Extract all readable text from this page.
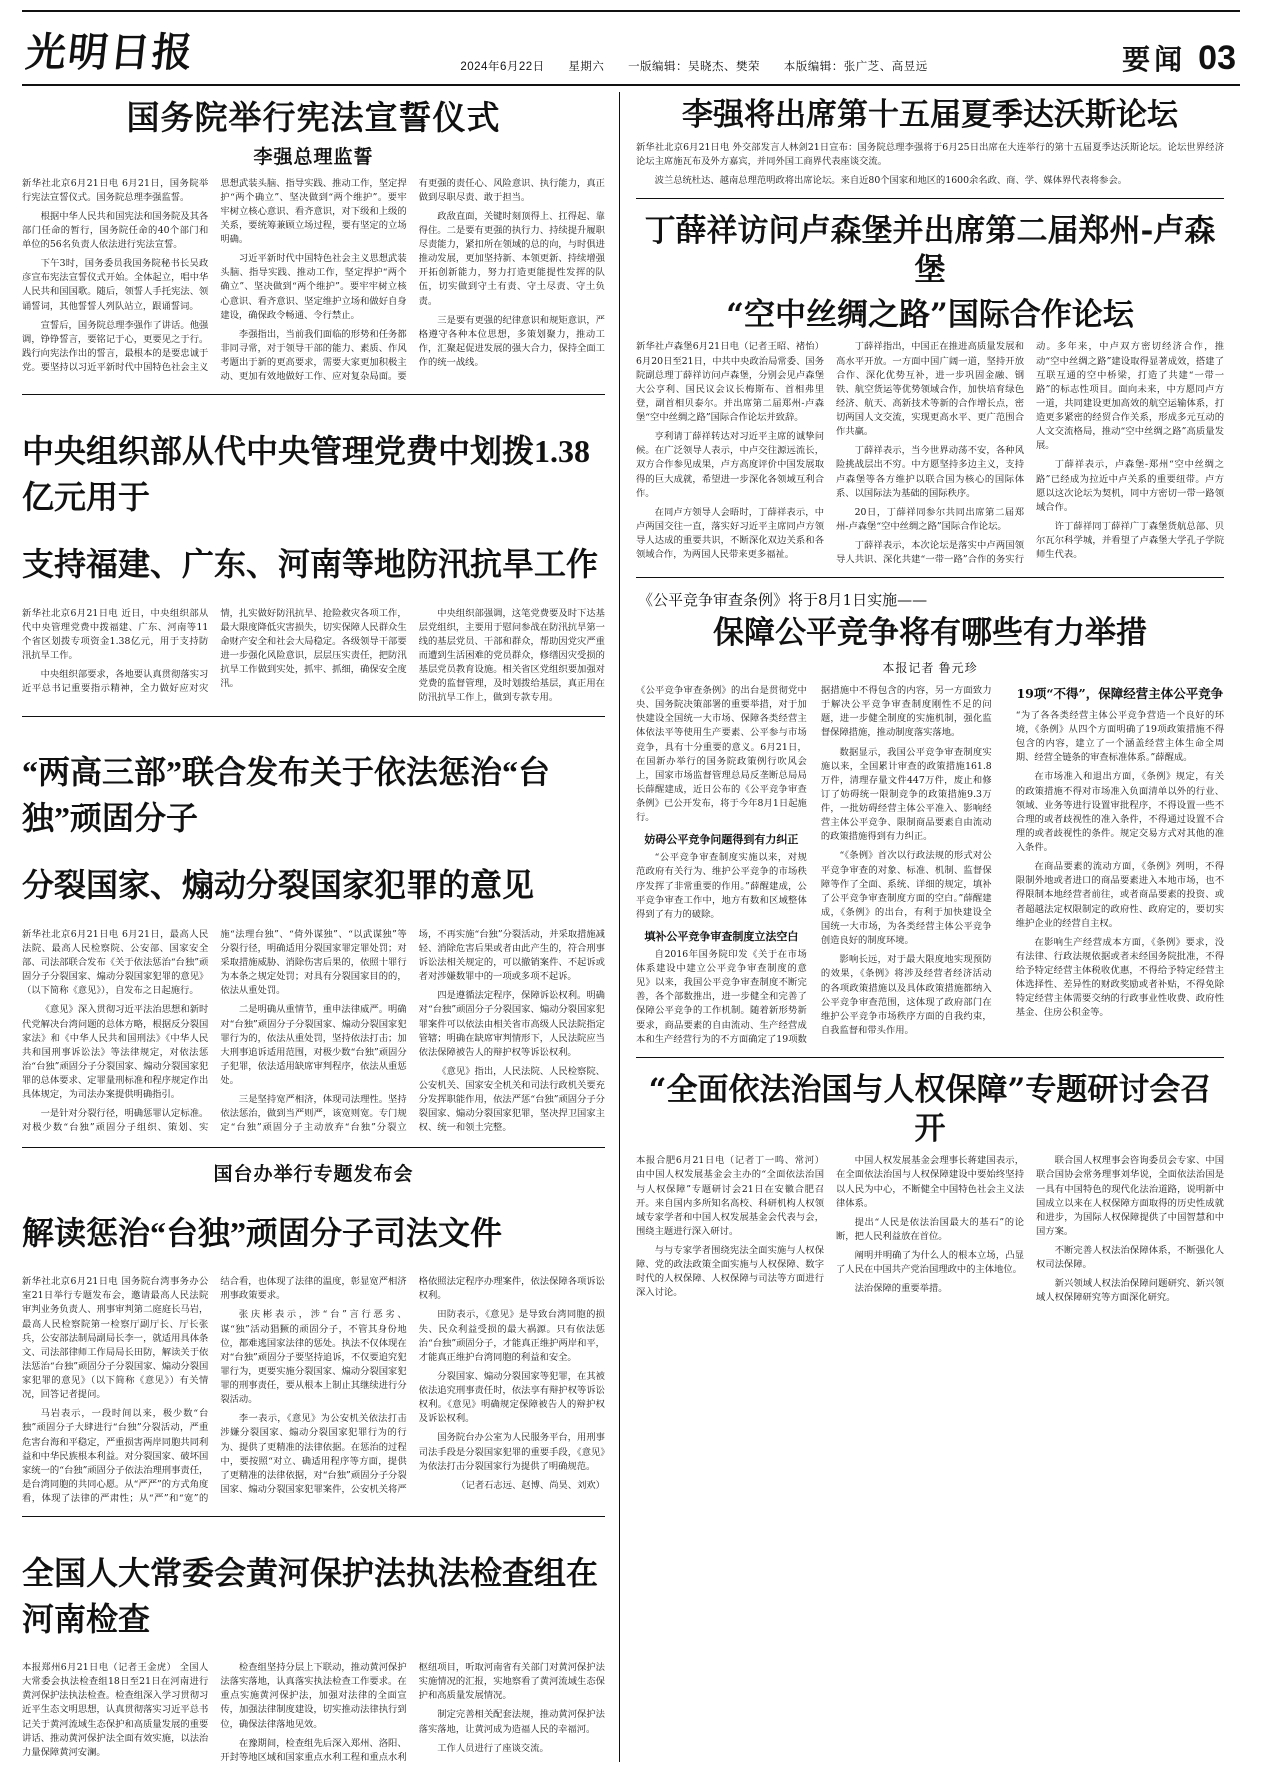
光明日报	2024年6月22日 星期六 一版编辑：吴晓杰、樊荣 本版编辑：张广芝、高昱远	要闻 03
国务院举行宪法宣誓仪式
李强总理监誓

新华社北京6月21日电 6月21日，国务院举行宪法宣誓仪式。国务院总理李强监誓。

根据中华人民共和国宪法和国务院及其各部门任命的暂行，国务院任命的40个部门和单位的56名负责人依法进行宪法宣誓。

下午3时，国务委员我国务院秘书长吴政彦宣布宪法宣誓仪式开始。全体起立，唱中华人民共和国国歌。随后，领誓人手托宪法、领诵誓词，其他誓誓人列队站立，跟诵誓词。

宣誓后，国务院总理李强作了讲话。他强调，铮铮誓言，要铭记于心，更要见之于行。践行向宪法作出的誓言，最根本的是要忠诚于党。要坚持以习近平新时代中国特色社会主义思想武装头脑、指导实践、推动工作，坚定捍护“两个确立”、坚决做到“两个维护”。要牢牢树立核心意识、看齐意识，对下级和上级的关系，要统筹兼顾立场过程，要有坚定的立场明确。

习近平新时代中国特色社会主义思想武装头脑、指导实践、推动工作，坚定捍护“两个确立”、坚决做到“两个维护”。要牢牢树立核心意识、看齐意识、坚定维护立场和做好自身建设，确保政令畅通、令行禁止。

李强指出，当前我们面临的形势和任务都非同寻常，对于领导干部的能力、素质、作风考题出于新的更高要求，需要大家更加积极主动、更加有效地做好工作、应对复杂局面。要有更强的责任心、风险意识、执行能力，真正做到尽职尽责、敢于担当。

政敌直面，关键时刻顶得上、扛得起、靠得住。二是要有更强的执行力、持续提升履职尽责能力，紧扣所在领域的总的向，与时俱进推动发展，更加坚持新、本领更新、持续增强开拓创新能力，努力打造更能提性发挥的队伍，切实做到守土有责、守土尽责、守土负责。

三是要有更强的纪律意识和规矩意识，严格遵守各种本位思想，多策划聚力，推动工作，汇聚起促进发展的强大合力，保持全面工作的统一战线。

中央组织部从代中央管理党费中划拨1.38亿元用于
支持福建、广东、河南等地防汛抗旱工作

新华社北京6月21日电 近日，中央组织部从代中央管理党费中拨福建、广东、河南等11个省区划拨专项资金1.38亿元，用于支持防汛抗旱工作。

中央组织部要求，各地要认真贯彻落实习近平总书记重要指示精神，全力做好应对灾情，扎实做好防汛抗旱、抢险救灾各项工作，最大限度降低灾害损失，切实保障人民群众生命财产安全和社会大局稳定。各级领导干部要进一步强化风险意识，层层压实责任，把防汛抗旱工作做到实处，抓牢、抓细，确保安全度汛。

中央组织部强调，这笔党费要及时下达基层党组织，主要用于慰问参战在防汛抗旱第一线的基层党员、干部和群众，帮助因党灾严重而遭到生活困难的党员群众，修缮因灾受损的基层党员教育设施。相关省区党组织要加强对党费的监督管理，及时划拨给基层，真正用在防汛抗旱工作上，做到专款专用。

“两高三部”联合发布关于依法惩治“台独”顽固分子
分裂国家、煽动分裂国家犯罪的意见

新华社北京6月21日电 6月21日，最高人民法院、最高人民检察院、公安部、国家安全部、司法部联合发布《关于依法惩治“台独”顽固分子分裂国家、煽动分裂国家犯罪的意见》（以下简称《意见》），自发布之日起施行。

《意见》深入贯彻习近平法治思想和新时代党解决台湾问题的总体方略，根据反分裂国家法》和《中华人民共和国刑法》《中华人民共和国刑事诉讼法》等法律规定，对依法惩治“台独”顽固分子分裂国家、煽动分裂国家犯罪的总体要求、定罪量刑标准和程序规定作出具体规定，为司法办案提供明确指引。

一是针对分裂行径，明确惩罪认定标准。对极少数“台独”顽固分子组织、策划、实施“法理台独”、“倚外谋独”、“以武谋独”等分裂行径，明确适用分裂国家罪定罪处罚；对采取措施威胁、消除伤害后果的，依照十罪行为本条之规定处罚；对具有分裂国家目的的，依法从重处罚。

二是明确从重情节，重申法律威严。明确对“台独”顽固分子分裂国家、煽动分裂国家犯罪行为的，依法从重处罚，坚持依法打击；加大刑事追诉适用范围，对极少数“台独”顽固分子犯罪，依法适用缺席审判程序，依法从重惩处。

三是坚持宽严相济，体现司法理性。坚持依法惩治，做到当严则严，该宽则宽。专门规定“台独”顽固分子主动放弃“台独”分裂立场，不再实施“台独”分裂活动，并采取措施减轻、消除危害后果或者由此产生的，符合刑事诉讼法相关规定的，可以撤销案件、不起诉或者对涉嫌数罪中的一项或多项不起诉。

四是遵循法定程序，保障诉讼权利。明确对“台独”顽固分子分裂国家、煽动分裂国家犯罪案件可以依法由相关省市高级人民法院指定管辖；明确在缺席审判情形下，人民法院应当依法保障被告人的辩护权等诉讼权利。

《意见》指出，人民法院、人民检察院、公安机关、国家安全机关和司法行政机关要充分发挥职能作用，依法严惩“台独”顽固分子分裂国家、煽动分裂国家犯罪，坚决捍卫国家主权、统一和领土完整。

国台办举行专题发布会
解读惩治“台独”顽固分子司法文件

新华社北京6月21日电 国务院台湾事务办公室21日举行专题发布会，邀请最高人民法院审判业务负责人、刑事审判第二庭庭长马岩，最高人民检察院第一检察厅副厅长、厅长张兵，公安部法制局副局长李一，就适用具体条文、司法部律师工作局局长田防，解读关于依法惩治“台独”顽固分子分裂国家、煽动分裂国家犯罪的意见》（以下简称《意见》）有关情况，回答记者提问。

马岩表示，一段时间以来，极少数“台独”顽固分子大肆进行“台独”分裂活动，严重危害台海和平稳定，严重损害两岸同胞共同利益和中华民族根本利益。对分裂国家、破坏国家统一的“台独”顽固分子依法治理刑事责任，是台湾同胞的共同心愿。从“严严”的方式角度看，体现了法律的严肃性；从“严”和“宽”的结合看，也体现了法律的温度，彰显宽严相济刑事政策要求。

张庆彬表示，涉“台”言行恶劣、谋“独”活动猖獗的顽固分子，不管其身份地位，都难逃国家法律的惩处。执法不仅体现在对“台独”顽固分子要坚持追诉，不仅要追究犯罪行为，更要实施分裂国家、煽动分裂国家犯罪的刑事责任，要从根本上制止其继续进行分裂活动。

李一表示，《意见》为公安机关依法打击涉嫌分裂国家、煽动分裂国家犯罪行为的行为、提供了更精准的法律依据。在惩治的过程中，要按照“对立、确适用程序等方面，提供了更精准的法律依据，对“台独”顽固分子分裂国家、煽动分裂国家犯罪案件，公安机关将严格依照法定程序办理案件，依法保障各项诉讼权利。

田防表示，《意见》是导致台湾同胞的损失、民众利益受损的最大祸源。只有依法惩治“台独”顽固分子，才能真正维护两岸和平，才能真正维护台湾同胞的利益和安全。

分裂国家、煽动分裂国家等犯罪，在其被依法追究刑事责任时，依法享有辩护权等诉讼权利。《意见》明确规定保障被告人的辩护权及诉讼权利。

国务院台办公室为人民服务平台，用刑事司法手段是分裂国家犯罪的重要手段，《意见》为依法打击分裂国家行为提供了明确规范。

（记者石志远、赵博、尚昊、刘欢）

全国人大常委会黄河保护法执法检查组在河南检查

本报郑州6月21日电（记者王金虎） 全国人大常委会执法检查组18日至21日在河南进行黄河保护法执法检查。检查组深入学习贯彻习近平生态文明思想，认真贯彻落实习近平总书记关于黄河流域生态保护和高质量发展的重要讲话、推动黄河保护法全面有效实施，以法治力量保障黄河安澜。

检查组坚持分层上下联动，推动黄河保护法落实落地，认真落实执法检查工作要求。在重点实施黄河保护法，加强对法律的全面宣传，加强法律制度建设，切实推动法律执行到位，确保法律落地见效。

在豫期间，检查组先后深入郑州、洛阳、开封等地区域和国家重点水利工程和重点水利枢纽项目，听取河南省有关部门对黄河保护法实施情况的汇报，实地察看了黄河流域生态保护和高质量发展情况。

制定完善相关配套法规，推动黄河保护法落实落地，让黄河成为造福人民的幸福河。

工作人员进行了座谈交流。

李强将出席第十五届夏季达沃斯论坛

新华社北京6月21日电 外交部发言人林剑21日宣布：国务院总理李强将于6月25日出席在大连举行的第十五届夏季达沃斯论坛。论坛世界经济论坛主席施瓦布及外方嘉宾，并同外国工商界代表座谈交流。

波兰总统杜达、越南总理范明政将出席论坛。来自近80个国家和地区的1600余名政、商、学、媒体界代表将参会。

丁薛祥访问卢森堡并出席第二届郑州-卢森堡
“空中丝绸之路”国际合作论坛

新华社卢森堡6月21日电（记者王昭、褚怡）6月20日至21日，中共中央政治局常委、国务院副总理丁薛祥访问卢森堡，分别会见卢森堡大公亨利、国民议会议长梅斯布、首相弗里登，副首相贝泰尔。并出席第二届郑州-卢森堡“空中丝绸之路”国际合作论坛并致辞。

亨利请丁薛祥转达对习近平主席的诚挚问候。在广泛领导人表示，中卢交往源远流长，双方合作参见成果，卢方高度评价中国发展取得的巨大成就，希望进一步深化各领域互利合作。

在同卢方领导人会晤时，丁薛祥表示，中卢两国交往一直，落实好习近平主席同卢方领导人达成的重要共识，不断深化双边关系和各领域合作，为两国人民带来更多福祉。

丁薛祥指出，中国正在推进高质量发展和高水平开放。一方面中国广阔一道，坚持开放合作、深化优势互补，进一步巩固金融、钢铁、航空货运等优势领域合作，加快培育绿色经济、航天、高新技术等新的合作增长点，密切两国人文交流，实现更高水平、更广范围合作共赢。

丁薛祥表示，当今世界动荡不安，各种风险挑战层出不穷。中方愿坚持多边主义，支持卢森堡等各方维护以联合国为核心的国际体系、以国际法为基础的国际秩序。

20日，丁薛祥同参尔共同出席第二届郑州-卢森堡“空中丝绸之路”国际合作论坛。

丁薛祥表示，本次论坛是落实中卢两国领导人共识、深化共建“一带一路”合作的务实行动。多年来，中卢双方密切经济合作，推动“空中丝绸之路”建设取得显著成效，搭建了互联互通的空中桥梁，打造了共建“一带一路”的标志性项目。面向未来，中方愿同卢方一道，共同建设更加高效的航空运输体系，打造更多紧密的经贸合作关系，形成多元互动的人文交流格局，推动“空中丝绸之路”高质量发展。

丁薛祥表示，卢森堡-郑州“空中丝绸之路”已经成为拉近中卢关系的重要纽带。卢方愿以这次论坛为契机，同中方密切一带一路领域合作。

许丁薛祥同丁薛祥广丁森堡货航总部、贝尔瓦尔科学城，并看望了卢森堡大学孔子学院师生代表。

《公平竞争审查条例》将于8月1日实施——
保障公平竞争将有哪些有力举措
本报记者 鲁元珍

《公平竞争审查条例》的出台是贯彻党中央、国务院决策部署的重要举措，对于加快建设全国统一大市场、保障各类经营主体依法平等使用生产要素、公平参与市场竞争，具有十分重要的意义。6月21日，在国新办举行的国务院政策例行吹风会上，国家市场监督管理总局反垄断总局局长薛醒建成，近日公布的《公平竞争审查条例》已公开发布，将于今年8月1日起施行。

妨碍公平竞争问题得到有力纠正

“公平竞争审查制度实施以来，对规范政府有关行为、维护公平竞争的市场秩序发挥了非常重要的作用。”薛醒建成，公平竞争审查工作中，地方有数和区域整体得到了有力的破除。

填补公平竞争审查制度立法空白

自2016年国务院印发《关于在市场体系建设中建立公平竞争审查制度的意见》以来，我国公平竞争审查制度不断完善，各个部数推出，进一步健全和完善了保障公平竞争的工作机制。随着新形势新要求，商品要素的自由流动、生产经营成本和生产经营行为的不方面确定了19项数据措施中不得包含的内容，另一方面致力于解决公平竞争审查制度刚性不足的问题，进一步健全制度的实施机制，强化监督保障措施，推动制度落实落地。

数据显示，我国公平竞争审查制度实施以来，全国累计审查的政策措施161.8万件，清理存量文件447万件，废止和修订了妨碍统一限制竞争的政策措施9.3万件，一批妨碍经营主体公平准入、影响经营主体公平竞争、限制商品要素自由流动的政策措施得到有力纠正。

“《条例》首次以行政法规的形式对公平竞争审查的对象、标准、机制、监督保障等作了全面、系统、详细的规定，填补了公平竞争审查制度方面的空白。”薛醒建成，《条例》的出台，有利于加快建设全国统一大市场，为各类经营主体公平竞争创造良好的制度环境。

影响长远，对于最大限度地实现预防的效果，《条例》将涉及经营者经济活动的各项政策措施以及具体政策措施都纳入公平竞争审查范围，这体现了政府部门在维护公平竞争市场秩序方面的自我约束，自我监督和带头作用。

19项“不得”，保障经营主体公平竞争

“为了各各类经营主体公平竞争营造一个良好的环境，《条例》从四个方面明确了19项政策措施不得包含的内容，建立了一个涵盖经营主体生命全周期、经营全链条的审查标准体系。”薛醒成。

在市场准入和退出方面，《条例》规定，有关的政策措施不得对市场准入负面清单以外的行业、领域、业务等进行设置审批程序，不得设置一些不合理的或者歧视性的准入条件，不得通过设置不合理的或者歧视性的条件。规定交易方式对其他的准入条件。

在商品要素的流动方面，《条例》列明，不得限制外地或者进口的商品要素进入本地市场，也不得限制本地经营者前往，或者商品要素的投资、或者超越法定权限制定的政府性、政府定的，要切实维护企业的经营自主权。

在影响生产经营成本方面，《条例》要求，没有法律、行政法规依据或者未经国务院批准，不得给予特定经营主体税收优惠，不得给予特定经营主体选择性、差异性的财政奖励或者补贴，不得免除特定经营主体需要交纳的行政事业性收费、政府性基金、住房公积金等。

“全面依法治国与人权保障”专题研讨会召开

本报合肥6月21日电（记者丁一鸣、常河） 由中国人权发展基金会主办的“全面依法治国与人权保障”专题研讨会21日在安徽合肥召开。来自国内多所知名高校、科研机构人权领域专家学者和中国人权发展基金会代表与会，围绕主题进行深入研讨。

与与专家学者围绕宪法全面实施与人权保障、党的政法政策全面实施与人权保障、数字时代的人权保障、人权保障与司法等方面进行深入讨论。

中国人权发展基金会理事长蒋建国表示，在全面依法治国与人权保障建设中要始终坚持以人民为中心，不断健全中国特色社会主义法律体系。

提出“人民是依法治国最大的基石”的论断，把人民利益放在首位。

阐明并明确了为什么人的根本立场，凸显了人民在中国共产党治国理政中的主体地位。

法治保障的重要举措。

联合国人权理事会咨询委员会专家、中国联合国协会常务理事刘华说，全面依法治国是一具有中国特色的现代化法治道路，说明新中国成立以来在人权保障方面取得的历史性成就和进步，为国际人权保障提供了中国智慧和中国方案。

不断完善人权法治保障体系，不断强化人权司法保障。

新兴领域人权法治保障问题研究、新兴领域人权保障研究等方面深化研究。
